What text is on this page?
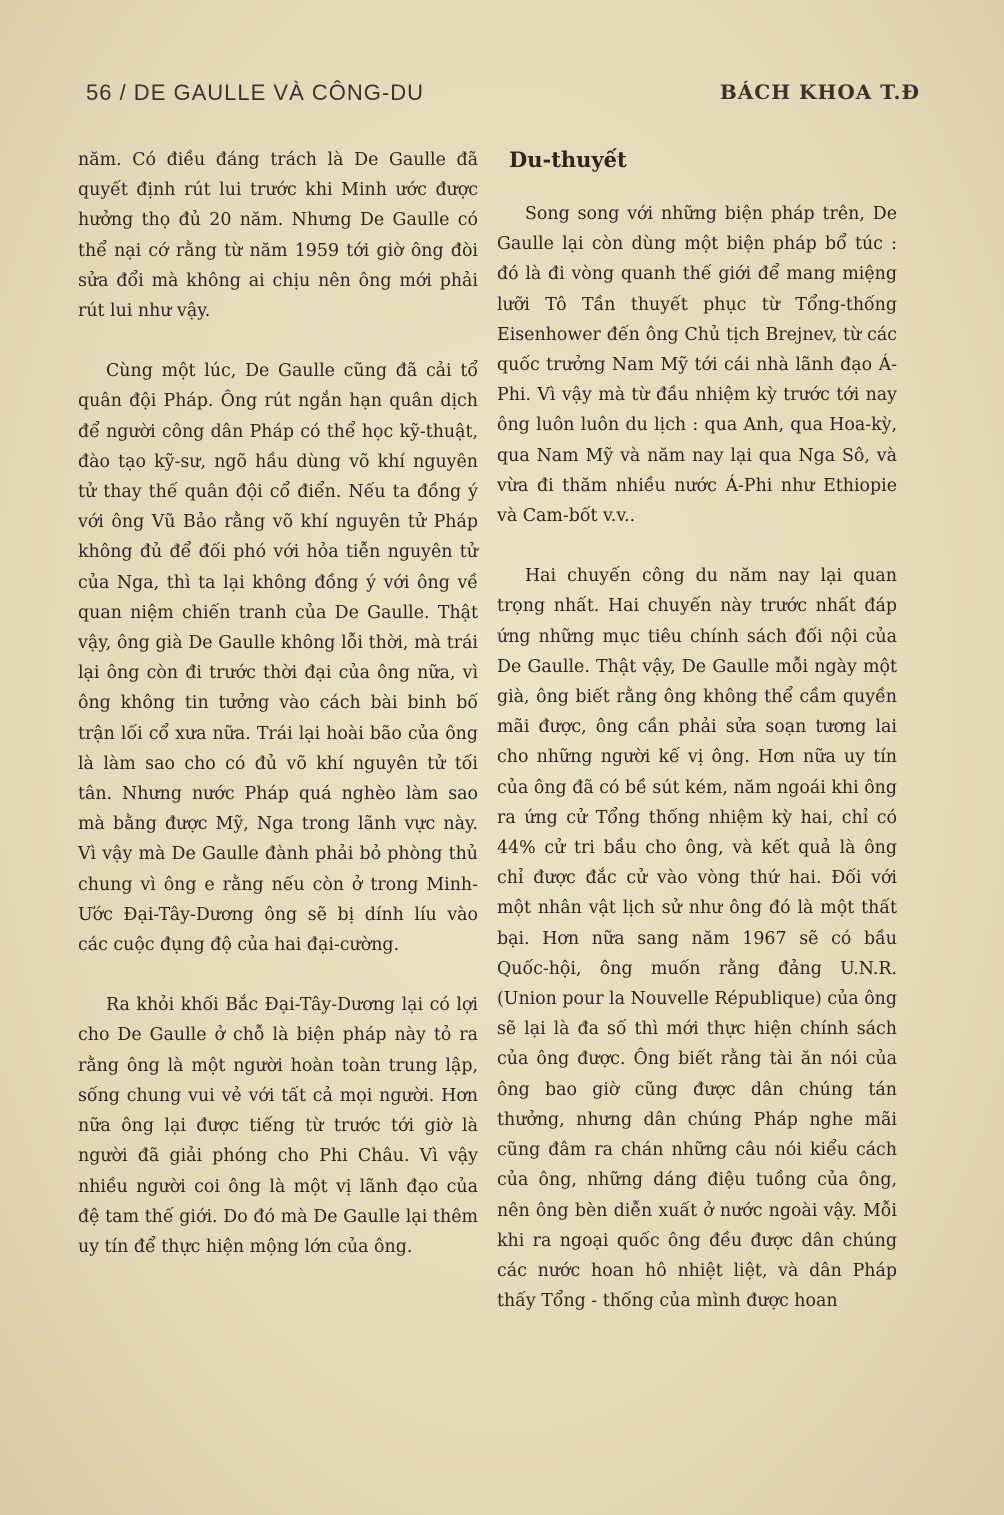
56 / DE GAULLE VÀ CÔNG-DU	BÁCH KHOA T.Đ

năm. Có điều đáng trách là De Gaulle đã quyết định rút lui trước khi Minh ước được hưởng thọ đủ 20 năm. Nhưng De Gaulle có thể nại cớ rằng từ năm 1959 tới giờ ông đòi sửa đổi mà không ai chịu nên ông mới phải rút lui như vậy.

Cùng một lúc, De Gaulle cũng đã cải tổ quân đội Pháp. Ông rút ngắn hạn quân dịch để người công dân Pháp có thể học kỹ-thuật, đào tạo kỹ-sư, ngõ hầu dùng võ khí nguyên tử thay thế quân đội cổ điển. Nếu ta đồng ý với ông Vũ Bảo rằng võ khí nguyên tử Pháp không đủ để đối phó với hỏa tiễn nguyên tử của Nga, thì ta lại không đồng ý với ông về quan niệm chiến tranh của De Gaulle. Thật vậy, ông già De Gaulle không lỗi thời, mà trái lại ông còn đi trước thời đại của ông nữa, vì ông không tin tưởng vào cách bài binh bố trận lối cổ xưa nữa. Trái lại hoài bão của ông là làm sao cho có đủ võ khí nguyên tử tối tân. Nhưng nước Pháp quá nghèo làm sao mà bằng được Mỹ, Nga trong lãnh vực này. Vì vậy mà De Gaulle đành phải bỏ phòng thủ chung vì ông e rằng nếu còn ở trong Minh-Ước Đại-Tây-Dương ông sẽ bị dính líu vào các cuộc đụng độ của hai đại-cường.

Ra khỏi khối Bắc Đại-Tây-Dương lại có lợi cho De Gaulle ở chỗ là biện pháp này tỏ ra rằng ông là một người hoàn toàn trung lập, sống chung vui vẻ với tất cả mọi người. Hơn nữa ông lại được tiếng từ trước tới giờ là người đã giải phóng cho Phi Châu. Vì vậy nhiều người coi ông là một vị lãnh đạo của đệ tam thế giới. Do đó mà De Gaulle lại thêm uy tín để thực hiện mộng lớn của ông.

Du-thuyết

Song song với những biện pháp trên, De Gaulle lại còn dùng một biện pháp bổ túc : đó là đi vòng quanh thế giới để mang miệng lưỡi Tô Tần thuyết phục từ Tổng-thống Eisenhower đến ông Chủ tịch Brejnev, từ các quốc trưởng Nam Mỹ tới cái nhà lãnh đạo Á-Phi. Vì vậy mà từ đầu nhiệm kỳ trước tới nay ông luôn luôn du lịch : qua Anh, qua Hoa-kỳ, qua Nam Mỹ và năm nay lại qua Nga Sô, và vừa đi thăm nhiều nước Á-Phi như Ethiopie và Cam-bốt v.v..

Hai chuyến công du năm nay lại quan trọng nhất. Hai chuyến này trước nhất đáp ứng những mục tiêu chính sách đối nội của De Gaulle. Thật vậy, De Gaulle mỗi ngày một già, ông biết rằng ông không thể cầm quyền mãi được, ông cần phải sửa soạn tương lai cho những người kế vị ông. Hơn nữa uy tín của ông đã có bề sút kém, năm ngoái khi ông ra ứng cử Tổng thống nhiệm kỳ hai, chỉ có 44% cử tri bầu cho ông, và kết quả là ông chỉ được đắc cử vào vòng thứ hai. Đối với một nhân vật lịch sử như ông đó là một thất bại. Hơn nữa sang năm 1967 sẽ có bầu Quốc-hội, ông muốn rằng đảng U.N.R. (Union pour la Nouvelle République) của ông sẽ lại là đa số thì mới thực hiện chính sách của ông được. Ông biết rằng tài ăn nói của ông bao giờ cũng được dân chúng tán thưởng, nhưng dân chúng Pháp nghe mãi cũng đâm ra chán những câu nói kiểu cách của ông, những dáng điệu tuồng của ông, nên ông bèn diễn xuất ở nước ngoài vậy. Mỗi khi ra ngoại quốc ông đều được dân chúng các nước hoan hô nhiệt liệt, và dân Pháp thấy Tổng - thống của mình được hoan
